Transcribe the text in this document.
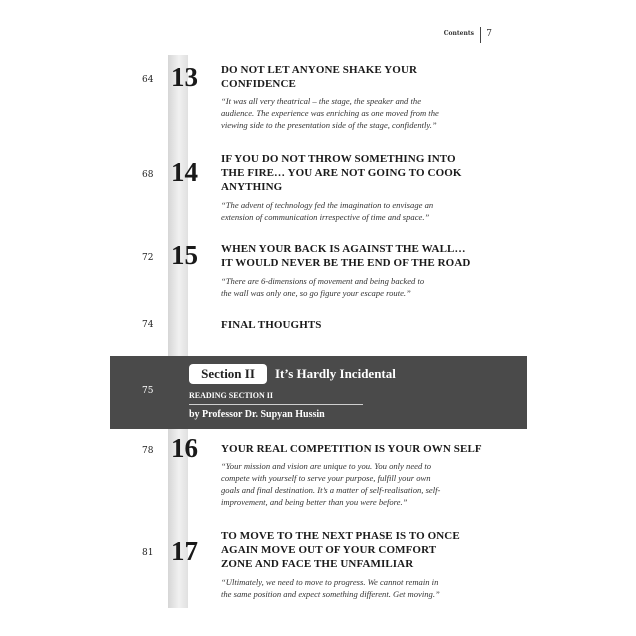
Contents 7
64 13 DO NOT LET ANYONE SHAKE YOUR
CONFIDENCE
“It was all very theatrical – the stage, the speaker and the
audience. The experience was enriching as one moved from the
viewing side to the presentation side of the stage, confidently.”
68 14 IF YOU DO NOT THROW SOMETHING INTO
THE FIRE… YOU ARE NOT GOING TO COOK
ANYTHING
“The advent of technology fed the imagination to envisage an
extension of communication irrespective of time and space.”
72 15 WHEN YOUR BACK IS AGAINST THE WALL…
IT WOULD NEVER BE THE END OF THE ROAD
“There are 6-dimensions of movement and being backed to
the wall was only one, so go figure your escape route.”
74	FINAL THOUGHTS
75
Section II	It’s Hardly Incidental
READING SECTION II
by Professor Dr. Supyan Hussin
78 16 YOUR REAL COMPETITION IS YOUR OWN SELF
“Your mission and vision are unique to you. You only need to
compete with yourself to serve your purpose, fulfill your own
goals and final destination. It’s a matter of self-realisation, self-
improvement, and being better than you were before.”
81 17 TO MOVE TO THE NEXT PHASE IS TO ONCE
AGAIN MOVE OUT OF YOUR COMFORT
ZONE AND FACE THE UNFAMILIAR
“Ultimately, we need to move to progress. We cannot remain in
the same position and expect something different. Get moving.”
